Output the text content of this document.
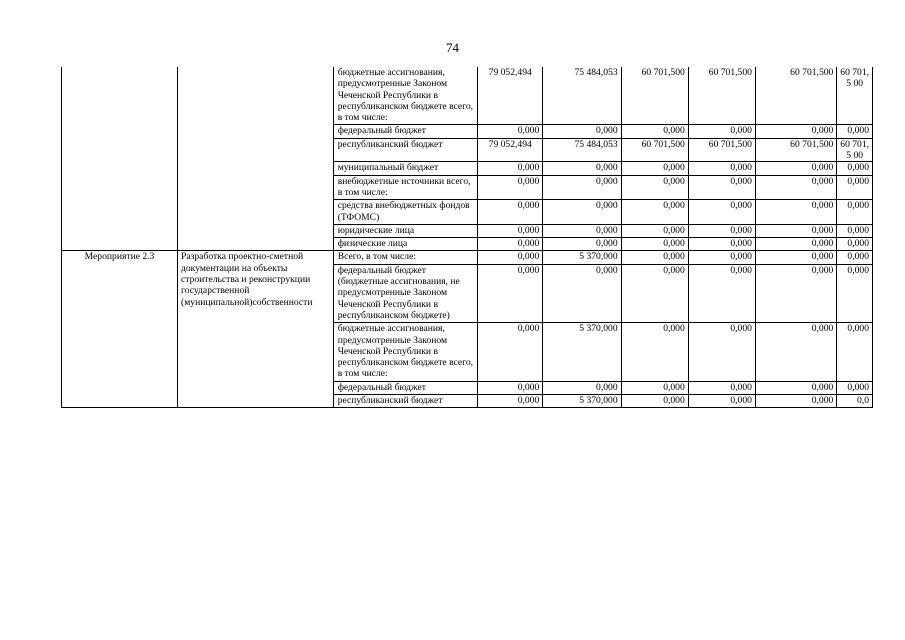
74
		бюджетные ассигнования, предусмотренные Законом Чеченской Республики в республиканском бюджете всего, в том числе:	79 052,494	75 484,053	60 701,500	60 701,500	60 701,500	60 701,5 00
		федеральный бюджет	0,000	0,000	0,000	0,000	0,000	0,000
		республиканский бюджет	79 052,494	75 484,053	60 701,500	60 701,500	60 701,500	60 701,5 00
		муниципальный бюджет	0,000	0,000	0,000	0,000	0,000	0,000
		внебюджетные источники всего, в том числе:	0,000	0,000	0,000	0,000	0,000	0,000
		средства внебюджетных фондов (ТФОМС)	0,000	0,000	0,000	0,000	0,000	0,000
		юридические лица	0,000	0,000	0,000	0,000	0,000	0,000
		физические лица	0,000	0,000	0,000	0,000	0,000	0,000
Мероприятие 2.3	Разработка проектно-сметной документации на объекты строительства и реконструкции государственной (муниципальной)собственности	Всего, в том числе:	0,000	5 370,000	0,000	0,000	0,000	0,000
		федеральный бюджет (бюджетные ассигнования, не предусмотренные Законом Чеченской Республики в республиканском бюджете)	0,000	0,000	0,000	0,000	0,000	0,000
		бюджетные ассигнования, предусмотренные Законом Чеченской Республики в республиканском бюджете всего, в том числе:	0,000	5 370,000	0,000	0,000	0,000	0,000
		федеральный бюджет	0,000	0,000	0,000	0,000	0,000	0,000
		республиканский бюджет	0,000	5 370,000	0,000	0,000	0,000	0,0
